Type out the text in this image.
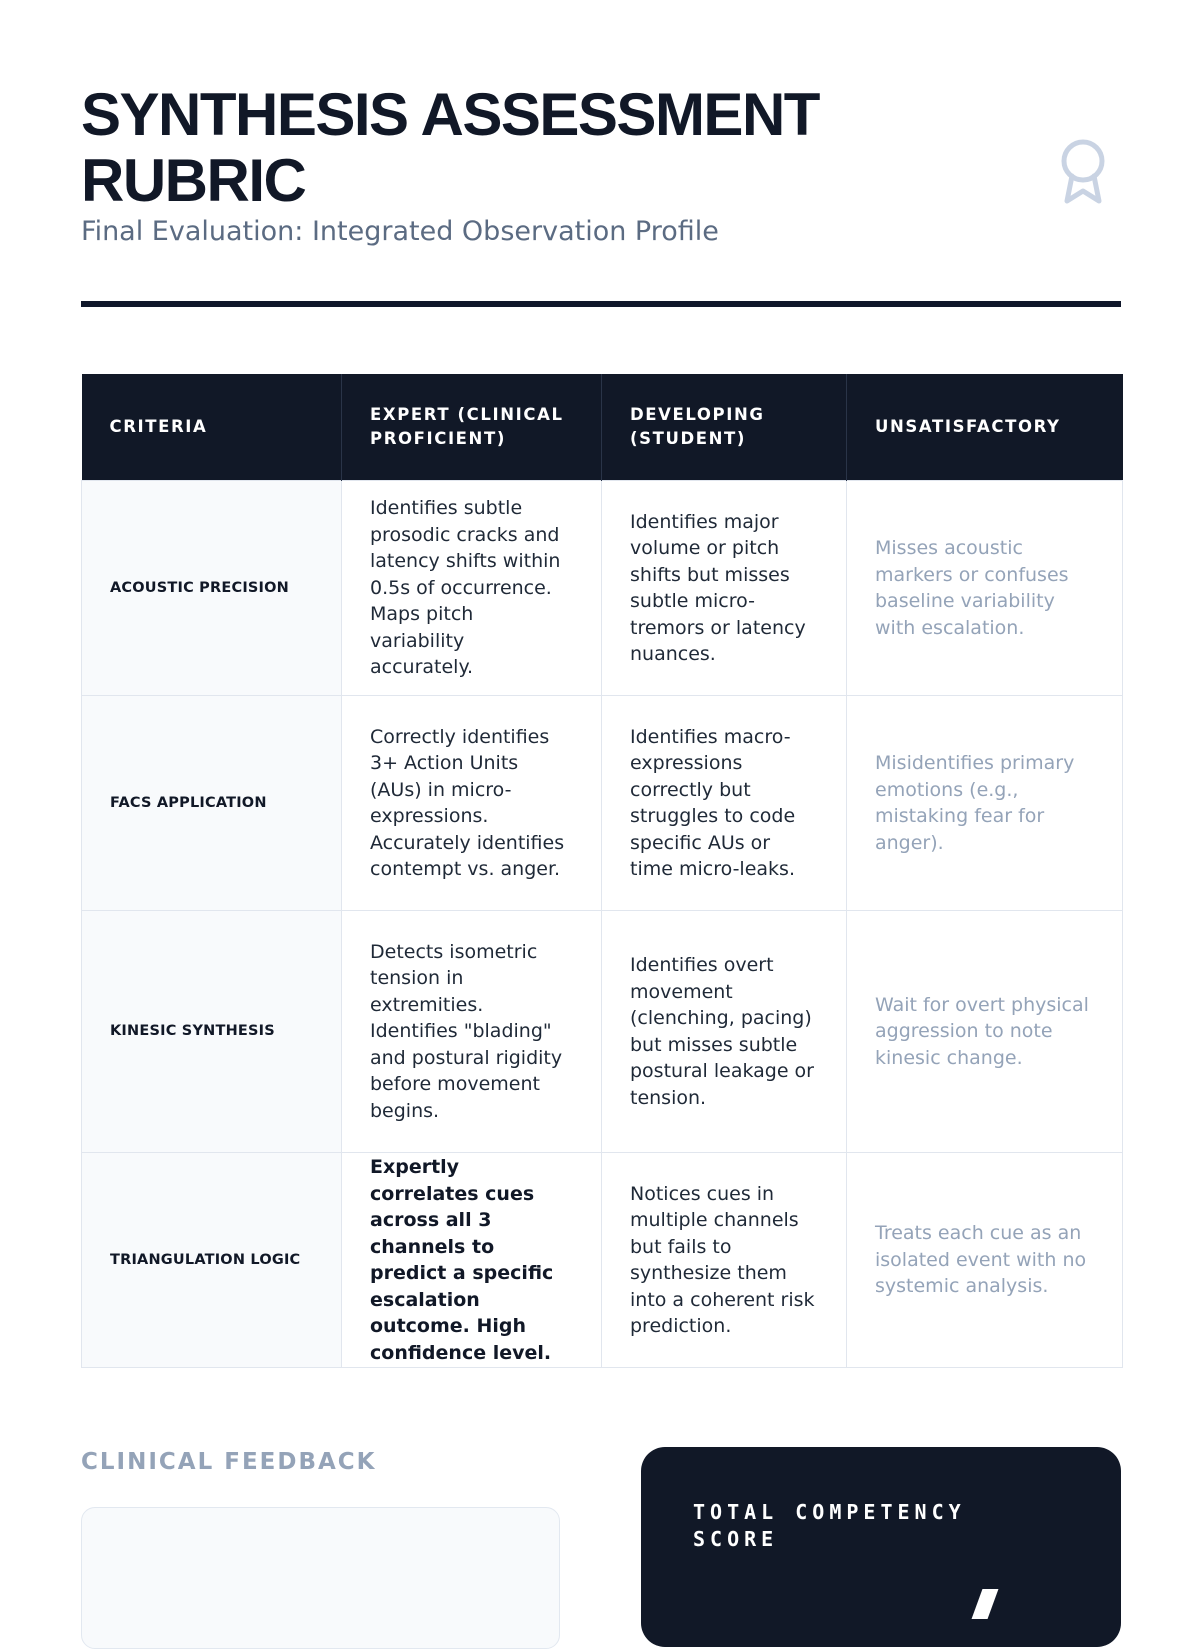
SYNTHESIS ASSESSMENT RUBRIC

Final Evaluation: Integrated Observation Profile

CRITERIA	EXPERT (CLINICAL PROFICIENT)	DEVELOPING (STUDENT)	UNSATISFACTORY
ACOUSTIC PRECISION	Identifies subtle prosodic cracks and latency shifts within 0.5s of occurrence. Maps pitch variability accurately.	Identifies major volume or pitch shifts but misses subtle micro-tremors or latency nuances.	Misses acoustic markers or confuses baseline variability with escalation.
FACS APPLICATION	Correctly identifies 3+ Action Units (AUs) in micro-expressions. Accurately identifies contempt vs. anger.	Identifies macro-expressions correctly but struggles to code specific AUs or time micro-leaks.	Misidentifies primary emotions (e.g., mistaking fear for anger).
KINESIC SYNTHESIS	Detects isometric tension in extremities. Identifies "blading" and postural rigidity before movement begins.	Identifies overt movement (clenching, pacing) but misses subtle postural leakage or tension.	Wait for overt physical aggression to note kinesic change.
TRIANGULATION LOGIC	Expertly correlates cues across all 3 channels to predict a specific escalation outcome. High confidence level.	Notices cues in multiple channels but fails to synthesize them into a coherent risk prediction.	Treats each cue as an isolated event with no systemic analysis.
CLINICAL FEEDBACK

TOTAL COMPETENCY SCORE
